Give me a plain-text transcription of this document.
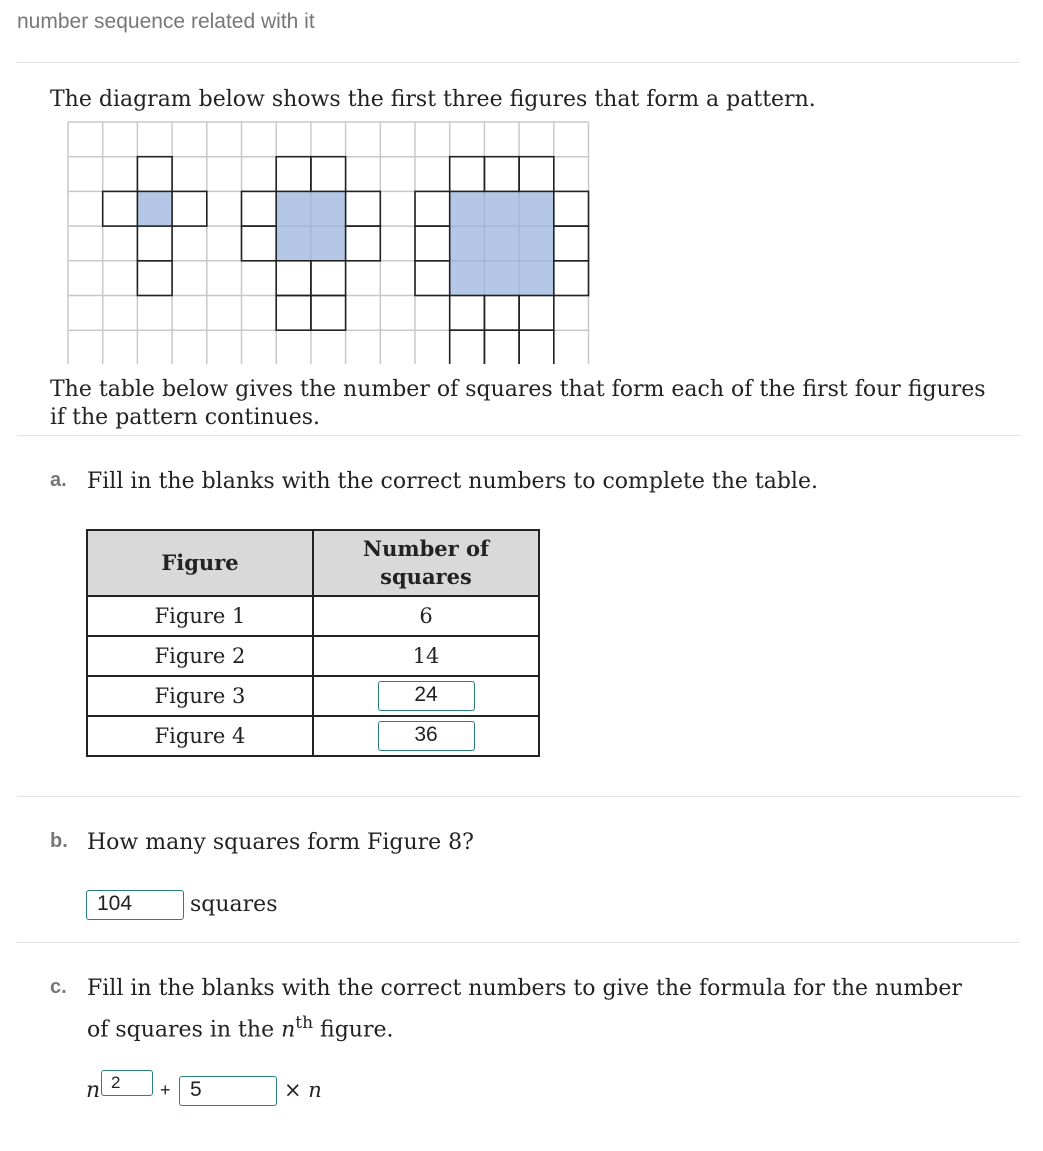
number sequence related with it
The diagram below shows the first three figures that form a pattern.
The table below gives the number of squares that form each of the first four figures
if the pattern continues.
a. Fill in the blanks with the correct numbers to complete the table.
Figure	Number of
squares
Figure 1	6
Figure 2	14
Figure 3	24
Figure 4	36
b. How many squares form Figure 8?
104	squares
c. Fill in the blanks with the correct numbers to give the formula for the number
of squares in the $n^{th}$ figure.
n 2	+ 5	× n
